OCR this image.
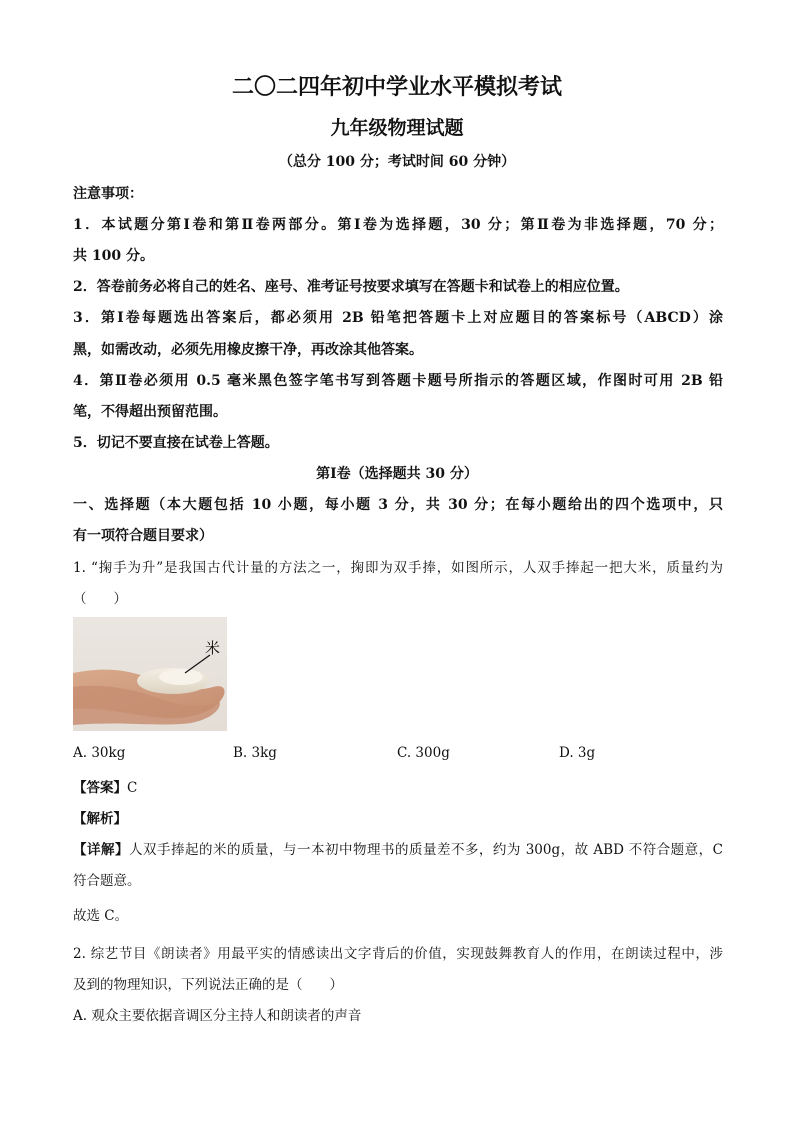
二〇二四年初中学业水平模拟考试
九年级物理试题
（总分 100 分；考试时间 60 分钟）
注意事项：
1．本试题分第Ⅰ卷和第Ⅱ卷两部分。第Ⅰ卷为选择题，30 分；第Ⅱ卷为非选择题，70 分；
共 100 分。
2．答卷前务必将自己的姓名、座号、准考证号按要求填写在答题卡和试卷上的相应位置。
3．第Ⅰ卷每题选出答案后，都必须用 2B 铅笔把答题卡上对应题目的答案标号（ABCD）涂
黑，如需改动，必须先用橡皮擦干净，再改涂其他答案。
4．第Ⅱ卷必须用 0.5 毫米黑色签字笔书写到答题卡题号所指示的答题区域，作图时可用 2B 铅
笔，不得超出预留范围。
5．切记不要直接在试卷上答题。
第Ⅰ卷（选择题共 30 分）
一、选择题（本大题包括 10 小题，每小题 3 分，共 30 分；在每小题给出的四个选项中，只
有一项符合题目要求）
1. “掬手为升”是我国古代计量的方法之一，掬即为双手捧，如图所示，人双手捧起一把大米，质量约为
（　　）
米
A. 30kg	B. 3kg	C. 300g	D. 3g
【答案】C
【解析】
【详解】人双手捧起的米的质量，与一本初中物理书的质量差不多，约为 300g，故 ABD 不符合题意，C
符合题意。
故选 C。
2. 综艺节目《朗读者》用最平实的情感读出文字背后的价值，实现鼓舞教育人的作用，在朗读过程中，涉
及到的物理知识，下列说法正确的是（　　）
A. 观众主要依据音调区分主持人和朗读者的声音
